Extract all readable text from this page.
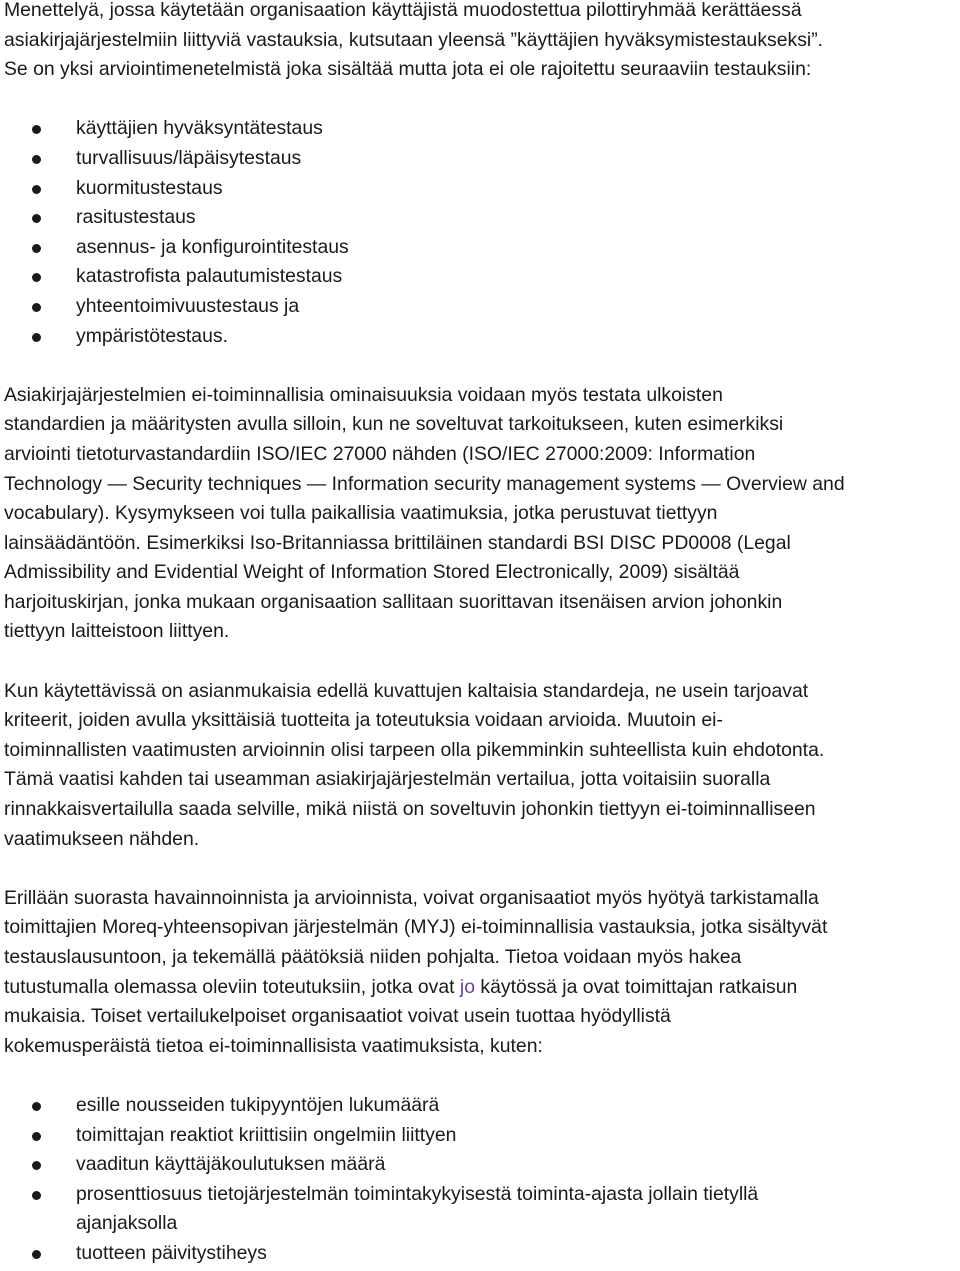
Menettelyä, jossa käytetään organisaation käyttäjistä muodostettua pilottiryhmää kerättäessä
asiakirjajärjestelmiin liittyviä vastauksia, kutsutaan yleensä ”käyttäjien hyväksymistestaukseksi”.
Se on yksi arviointimenetelmistä joka sisältää mutta jota ei ole rajoitettu seuraaviin testauksiin:
käyttäjien hyväksyntätestaus
turvallisuus/läpäisytestaus
kuormitustestaus
rasitustestaus
asennus- ja konfigurointitestaus
katastrofista palautumistestaus
yhteentoimivuustestaus ja
ympäristötestaus.
Asiakirjajärjestelmien ei-toiminnallisia ominaisuuksia voidaan myös testata ulkoisten
standardien ja määritysten avulla silloin, kun ne soveltuvat tarkoitukseen, kuten esimerkiksi
arviointi tietoturvastandardiin ISO/IEC 27000 nähden (ISO/IEC 27000:2009: Information
Technology — Security techniques — Information security management systems — Overview and
vocabulary). Kysymykseen voi tulla paikallisia vaatimuksia, jotka perustuvat tiettyyn
lainsäädäntöön. Esimerkiksi Iso-Britanniassa brittiläinen standardi BSI DISC PD0008 (Legal
Admissibility and Evidential Weight of Information Stored Electronically, 2009) sisältää
harjoituskirjan, jonka mukaan organisaation sallitaan suorittavan itsenäisen arvion johonkin
tiettyyn laitteistoon liittyen.
Kun käytettävissä on asianmukaisia edellä kuvattujen kaltaisia standardeja, ne usein tarjoavat
kriteerit, joiden avulla yksittäisiä tuotteita ja toteutuksia voidaan arvioida. Muutoin ei-
toiminnallisten vaatimusten arvioinnin olisi tarpeen olla pikemminkin suhteellista kuin ehdotonta.
Tämä vaatisi kahden tai useamman asiakirjajärjestelmän vertailua, jotta voitaisiin suoralla
rinnakkaisvertailulla saada selville, mikä niistä on soveltuvin johonkin tiettyyn ei-toiminnalliseen
vaatimukseen nähden.
Erillään suorasta havainnoinnista ja arvioinnista, voivat organisaatiot myös hyötyä tarkistamalla
toimittajien Moreq-yhteensopivan järjestelmän (MYJ) ei-toiminnallisia vastauksia, jotka sisältyvät
testauslausuntoon, ja tekemällä päätöksiä niiden pohjalta. Tietoa voidaan myös hakea
tutustumalla olemassa oleviin toteutuksiin, jotka ovat jo käytössä ja ovat toimittajan ratkaisun
mukaisia. Toiset vertailukelpoiset organisaatiot voivat usein tuottaa hyödyllistä
kokemusperäistä tietoa ei-toiminnallisista vaatimuksista, kuten:
esille nousseiden tukipyyntöjen lukumäärä
toimittajan reaktiot kriittisiin ongelmiin liittyen
vaaditun käyttäjäkoulutuksen määrä
prosenttiosuus tietojärjestelmän toimintakykyisestä toiminta-ajasta jollain tietyllä
ajanjaksolla
tuotteen päivitystiheys
